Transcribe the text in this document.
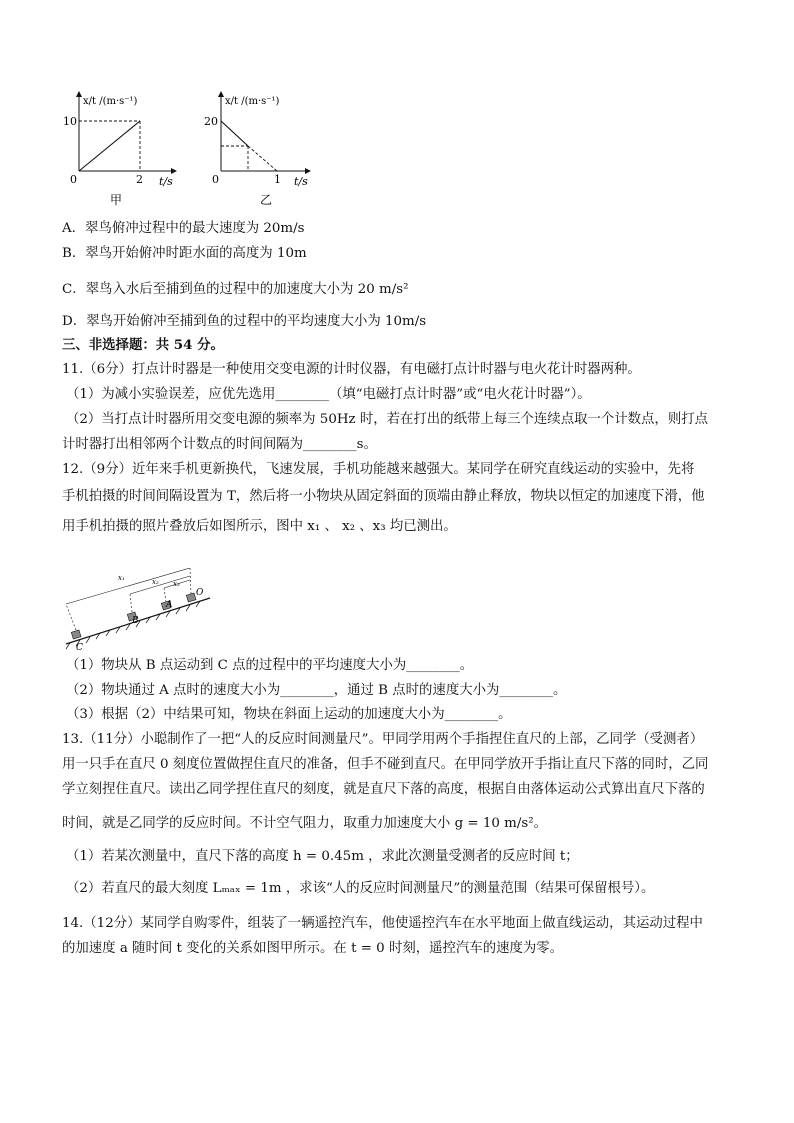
x/t /(m·s⁻¹)
10
0	2 t/s
甲
x/t /(m·s⁻¹)
20
0	1 t/s
乙
A．翠鸟俯冲过程中的最大速度为 20m/s
B．翠鸟开始俯冲时距水面的高度为 10m
C．翠鸟入水后至捕到鱼的过程中的加速度大小为 20 m/s²
D．翠鸟开始俯冲至捕到鱼的过程中的平均速度大小为 10m/s
三、非选择题：共 54 分。
11.（6分）打点计时器是一种使用交变电源的计时仪器，有电磁打点计时器与电火花计时器两种。
（1）为减小实验误差，应优先选用________（填“电磁打点计时器”或“电火花计时器”）。
（2）当打点计时器所用交变电源的频率为 50Hz 时，若在打出的纸带上每三个连续点取一个计数点，则打点
计时器打出相邻两个计数点的时间间隔为________s。
12.（9分）近年来手机更新换代，飞速发展，手机功能越来越强大。某同学在研究直线运动的实验中，先将
手机拍摄的时间间隔设置为 T，然后将一小物块从固定斜面的顶端由静止释放，物块以恒定的加速度下滑，他
用手机拍摄的照片叠放后如图所示，图中 x₁ 、 x₂ 、x₃ 均已测出。
x₁	x₂ x₃
O
A
B
C
（1）物块从 B 点运动到 C 点的过程中的平均速度大小为________。
（2）物块通过 A 点时的速度大小为________，通过 B 点时的速度大小为________。
（3）根据（2）中结果可知，物块在斜面上运动的加速度大小为________。
13.（11分）小聪制作了一把“人的反应时间测量尺”。甲同学用两个手指捏住直尺的上部，乙同学（受测者）
用一只手在直尺 0 刻度位置做捏住直尺的准备，但手不碰到直尺。在甲同学放开手指让直尺下落的同时，乙同
学立刻捏住直尺。读出乙同学捏住直尺的刻度，就是直尺下落的高度，根据自由落体运动公式算出直尺下落的
时间，就是乙同学的反应时间。不计空气阻力，取重力加速度大小 g = 10 m/s²。
（1）若某次测量中，直尺下落的高度 h = 0.45m ，求此次测量受测者的反应时间 t；
（2）若直尺的最大刻度 Lₘₐₓ = 1m ，求该“人的反应时间测量尺”的测量范围（结果可保留根号）。
14.（12分）某同学自购零件，组装了一辆遥控汽车，他使遥控汽车在水平地面上做直线运动，其运动过程中
的加速度 a 随时间 t 变化的关系如图甲所示。在 t = 0 时刻，遥控汽车的速度为零。
